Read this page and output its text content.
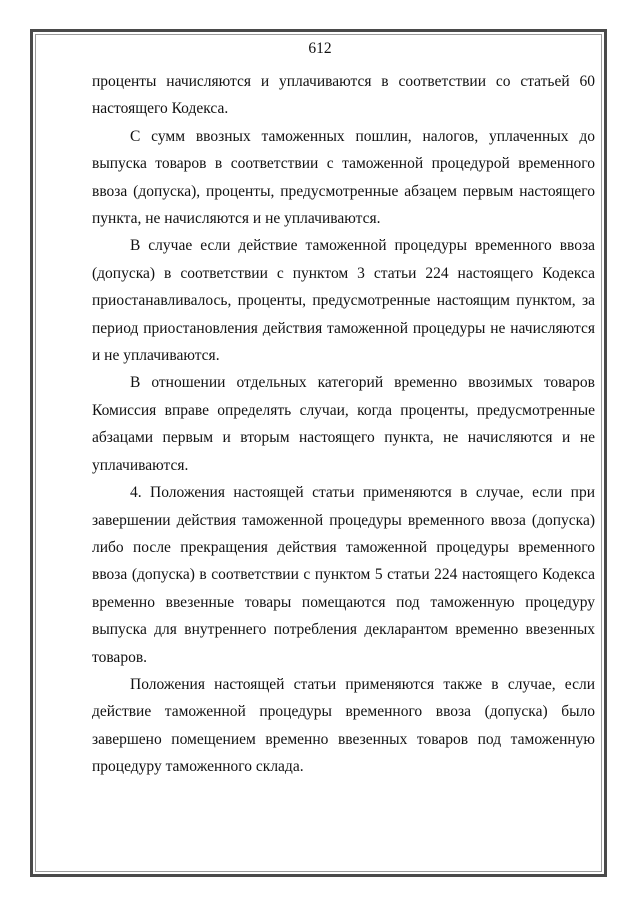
612

проценты начисляются и уплачиваются в соответствии со статьей 60 настоящего Кодекса.

С сумм ввозных таможенных пошлин, налогов, уплаченных до выпуска товаров в соответствии с таможенной процедурой временного ввоза (допуска), проценты, предусмотренные абзацем первым настоящего пункта, не начисляются и не уплачиваются.

В случае если действие таможенной процедуры временного ввоза (допуска) в соответствии с пунктом 3 статьи 224 настоящего Кодекса приостанавливалось, проценты, предусмотренные настоящим пунктом, за период приостановления действия таможенной процедуры не начисляются и не уплачиваются.

В отношении отдельных категорий временно ввозимых товаров Комиссия вправе определять случаи, когда проценты, предусмотренные абзацами первым и вторым настоящего пункта, не начисляются и не уплачиваются.

4. Положения настоящей статьи применяются в случае, если при завершении действия таможенной процедуры временного ввоза (допуска) либо после прекращения действия таможенной процедуры временного ввоза (допуска) в соответствии с пунктом 5 статьи 224 настоящего Кодекса временно ввезенные товары помещаются под таможенную процедуру выпуска для внутреннего потребления декларантом временно ввезенных товаров.

Положения настоящей статьи применяются также в случае, если действие таможенной процедуры временного ввоза (допуска) было завершено помещением временно ввезенных товаров под таможенную процедуру таможенного склада.
